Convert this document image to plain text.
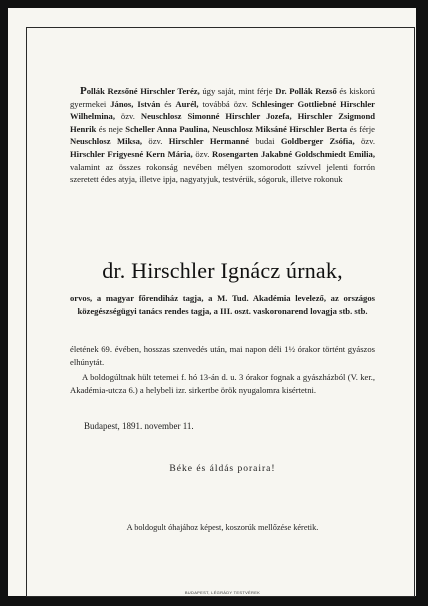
Pollák Rezsőné Hirschler Teréz, úgy saját, mint férje Dr. Pollák Rezső és kiskorú gyermekei János, István és Aurél, továbbá özv. Schlesinger Gottliebné Hirschler Wilhelmina, özv. Neuschlosz Simonné Hirschler Jozefa, Hirschler Zsigmond Henrik és neje Scheller Anna Paulina, Neuschlosz Miksáné Hirschler Berta és férje Neuschlosz Miksa, özv. Hirschler Hermanné budai Goldberger Zsófia, özv. Hirschler Frigyesné Kern Mária, özv. Rosengarten Jakabné Goldschmiedt Emilia, valamint az összes rokonság nevében mélyen szomorodott szívvel jelenti forrón szeretett édes atyja, illetve ipja, nagyatyjuk, testvérük, sógoruk, illetve rokonuk
dr. Hirschler Ignácz úrnak,
orvos, a magyar főrendiház tagja, a M. Tud. Akadémia levelező, az országos közegészségügyi tanács rendes tagja, a III. oszt. vaskoronarend lovagja stb. stb.
életének 69. évében, hosszas szenvedés után, mai napon déli 1½ órakor történt gyászos elhúnytát.
A boldogúltnak hült tetemei f. hó 13-án d. u. 3 órakor fognak a gyászházból (V. ker., Akadémia-utcza 6.) a helybeli izr. sirkertbe örök nyugalomra kisértetni.
Budapest, 1891. november 11.
Béke és áldás poraira!
A boldogult óhajához képest, koszorúk mellőzése kéretik.
BUDAPEST, LÉGRÁDY TESTVÉREK
